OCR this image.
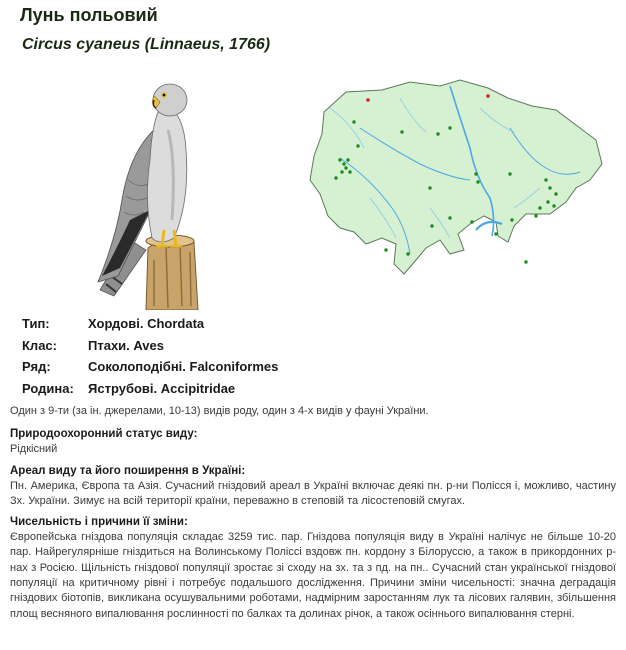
Лунь польовий
Circus cyaneus (Linnaeus, 1766)
Тип:	Хордові. Chordata
Клас:	Птахи. Aves
Ряд:	Соколоподібні. Falconiformes
Родина:	Яструбові. Accipitridae

Один з 9-ти (за ін. джерелами, 10-13) видів роду, один з 4-х видів у фауні України.

Природоохоронний статус виду:

Рідкісний

Ареал виду та його поширення в Україні:

Пн. Америка, Європа та Азія. Сучасний гніздовий ареал в Україні включає деякі пн. р-ни Полісся і, можливо, частину Зх. України. Зимує на всій території країни, переважно в степовій та лісостеповій смугах.

Чисельність і причини її зміни:

Європейська гніздова популяція складає 3259 тис. пар. Гніздова популяція виду в Україні налічує не більше 10-20 пар. Найрегулярніше гніздиться на Волинському Поліссі вздовж пн. кордону з Білоруссю, а також в прикордонних р-нах з Росією. Щільність гніздової популяції зростає зі сходу на зх. та з пд. на пн.. Сучасний стан української гніздової популяції на критичному рівні і потребує подальшого дослідження. Причини зміни чисельності: значна деградація гніздових біотопів, викликана осушувальними роботами, надмірним заростанням лук та лісових галявин, збільшення площ весняного випалювання рослинності по балках та долинах річок, а також осіннього випалювання стерні.
